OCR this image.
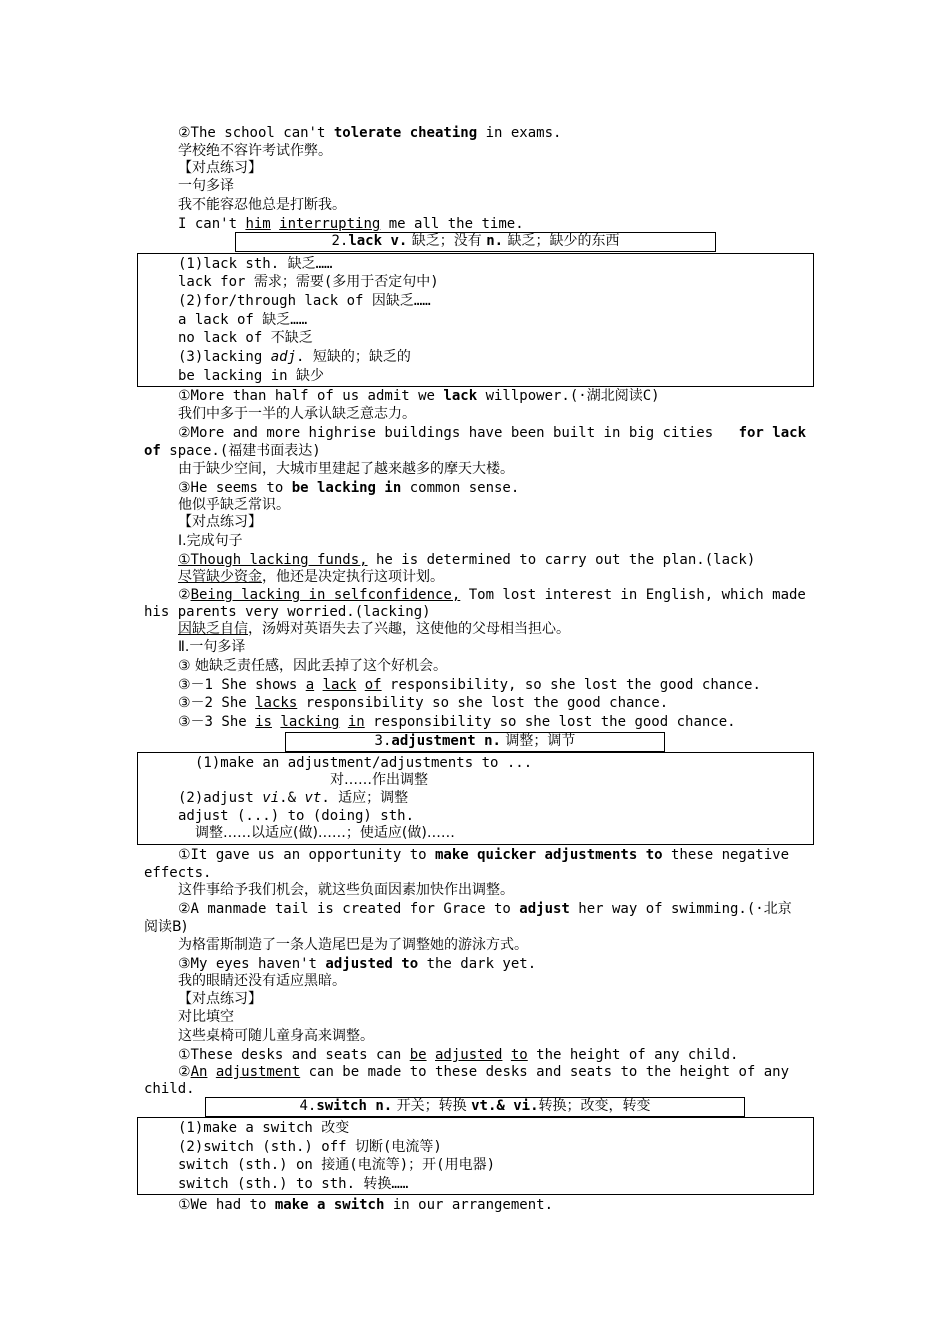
②The school can't tolerate cheating in exams.
学校绝不容许考试作弊。
【对点练习】
一句多译
我不能容忍他总是打断我。
I can't him interrupting me all the time.
2.lack v. 缺乏；没有 n. 缺乏；缺少的东西
(1)lack sth. 缺乏……
lack for 需求；需要(多用于否定句中)
(2)for/through lack of 因缺乏……
a lack of 缺乏……
no lack of 不缺乏
(3)lacking adj. 短缺的；缺乏的
be lacking in 缺少
①More than half of us admit we lack willpower.(·湖北阅读C)
我们中多于一半的人承认缺乏意志力。
②More and more highrise buildings have been built in big cities for lack
of space.(福建书面表达)
由于缺少空间，大城市里建起了越来越多的摩天大楼。
③He seems to be lacking in common sense.
他似乎缺乏常识。
【对点练习】
Ⅰ.完成句子
①Though lacking funds, he is determined to carry out the plan.(lack)
尽管缺少资金，他还是决定执行这项计划。
②Being lacking in selfconfidence, Tom lost interest in English, which made
his parents very worried.(lacking)
因缺乏自信，汤姆对英语失去了兴趣，这使他的父母相当担心。
Ⅱ.一句多译
③ 她缺乏责任感，因此丢掉了这个好机会。
③－1 She shows a lack of responsibility, so she lost the good chance.
③－2 She lacks responsibility so she lost the good chance.
③－3 She is lacking in responsibility so she lost the good chance.
3.adjustment n. 调整；调节
(1)make an adjustment/adjustments to ...
对……作出调整
(2)adjust vi.& vt. 适应；调整
adjust (...) to (doing) sth.
调整……以适应(做)……；使适应(做)……
①It gave us an opportunity to make quicker adjustments to these negative
effects.
这件事给予我们机会，就这些负面因素加快作出调整。
②A manmade tail is created for Grace to adjust her way of swimming.(·北京
阅读B)
为格雷斯制造了一条人造尾巴是为了调整她的游泳方式。
③My eyes haven't adjusted to the dark yet.
我的眼睛还没有适应黑暗。
【对点练习】
对比填空
这些桌椅可随儿童身高来调整。
①These desks and seats can be adjusted to the height of any child.
②An adjustment can be made to these desks and seats to the height of any
child.
4.switch n. 开关；转换 vt.& vi.转换；改变，转变
(1)make a switch 改变
(2)switch (sth.) off 切断(电流等)
switch (sth.) on 接通(电流等)；开(用电器)
switch (sth.) to sth. 转换……
①We had to make a switch in our arrangement.
